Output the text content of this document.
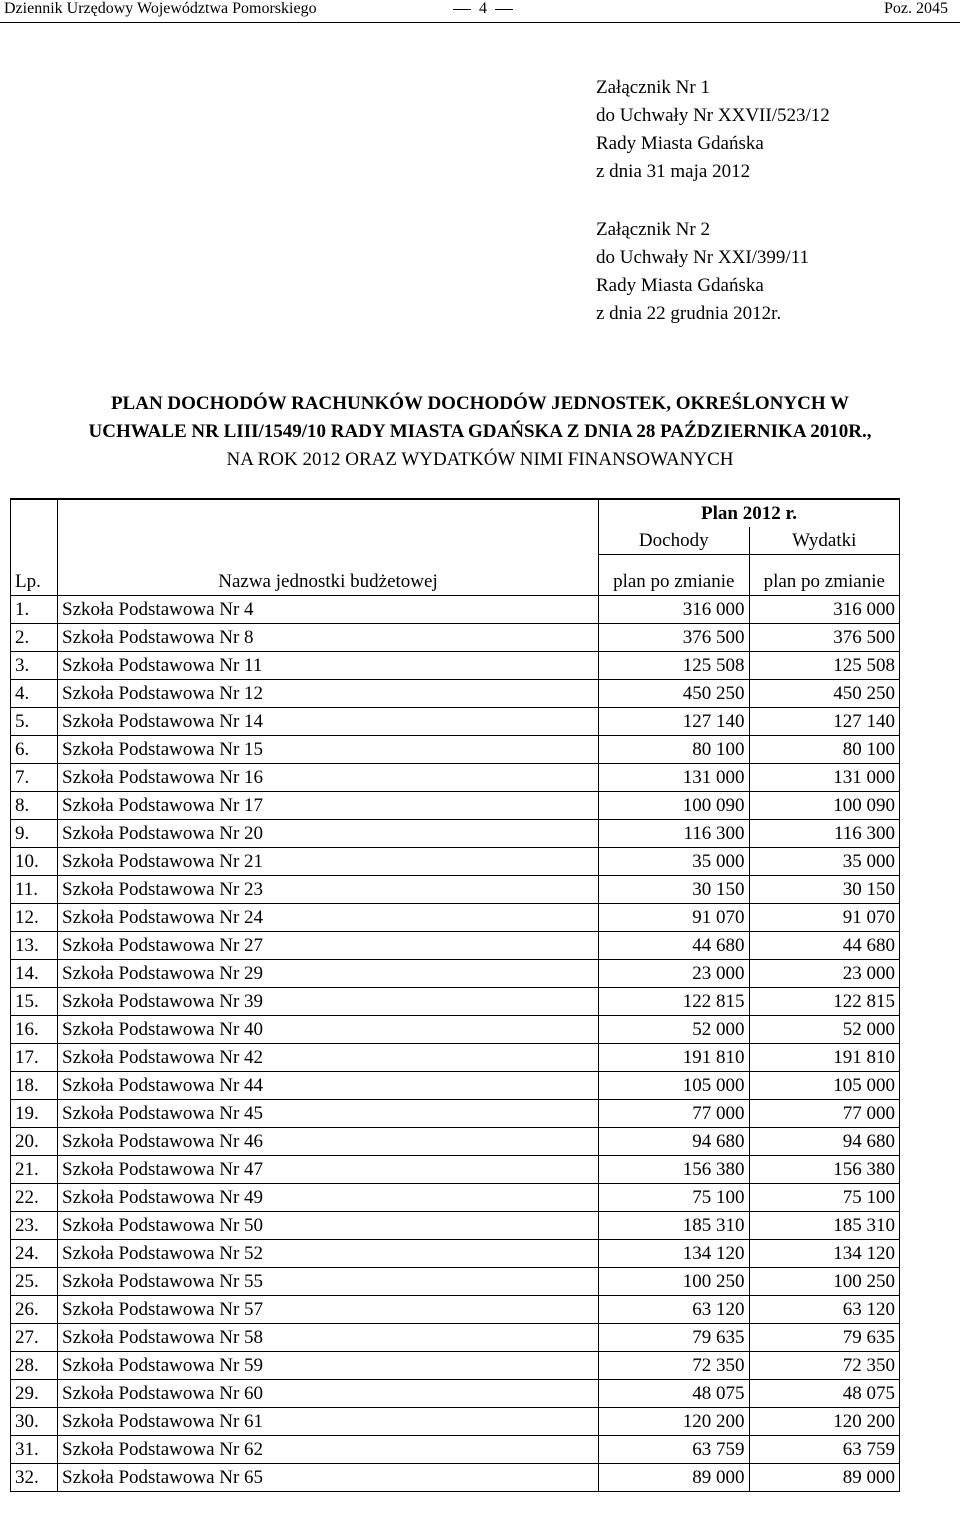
Dziennik Urzędowy Województwa Pomorskiego	4	Poz. 2045
Załącznik Nr 1
do Uchwały Nr XXVII/523/12
Rady Miasta Gdańska
z dnia 31 maja 2012
Załącznik Nr 2
do Uchwały Nr XXI/399/11
Rady Miasta Gdańska
z dnia 22 grudnia 2012r.
PLAN DOCHODÓW RACHUNKÓW DOCHODÓW JEDNOSTEK, OKREŚLONYCH W
UCHWALE NR LIII/1549/10 RADY MIASTA GDAŃSKA Z DNIA 28 PAŹDZIERNIKA 2010R.,
NA ROK 2012 ORAZ WYDATKÓW NIMI FINANSOWANYCH
		Plan 2012 r.	
		Dochody	Wydatki
Lp.	Nazwa jednostki budżetowej	plan po zmianie	plan po zmianie
1.	Szkoła Podstawowa Nr 4	316 000	316 000
2.	Szkoła Podstawowa Nr 8	376 500	376 500
3.	Szkoła Podstawowa Nr 11	125 508	125 508
4.	Szkoła Podstawowa Nr 12	450 250	450 250
5.	Szkoła Podstawowa Nr 14	127 140	127 140
6.	Szkoła Podstawowa Nr 15	80 100	80 100
7.	Szkoła Podstawowa Nr 16	131 000	131 000
8.	Szkoła Podstawowa Nr 17	100 090	100 090
9.	Szkoła Podstawowa Nr 20	116 300	116 300
10.	Szkoła Podstawowa Nr 21	35 000	35 000
11.	Szkoła Podstawowa Nr 23	30 150	30 150
12.	Szkoła Podstawowa Nr 24	91 070	91 070
13.	Szkoła Podstawowa Nr 27	44 680	44 680
14.	Szkoła Podstawowa Nr 29	23 000	23 000
15.	Szkoła Podstawowa Nr 39	122 815	122 815
16.	Szkoła Podstawowa Nr 40	52 000	52 000
17.	Szkoła Podstawowa Nr 42	191 810	191 810
18.	Szkoła Podstawowa Nr 44	105 000	105 000
19.	Szkoła Podstawowa Nr 45	77 000	77 000
20.	Szkoła Podstawowa Nr 46	94 680	94 680
21.	Szkoła Podstawowa Nr 47	156 380	156 380
22.	Szkoła Podstawowa Nr 49	75 100	75 100
23.	Szkoła Podstawowa Nr 50	185 310	185 310
24.	Szkoła Podstawowa Nr 52	134 120	134 120
25.	Szkoła Podstawowa Nr 55	100 250	100 250
26.	Szkoła Podstawowa Nr 57	63 120	63 120
27.	Szkoła Podstawowa Nr 58	79 635	79 635
28.	Szkoła Podstawowa Nr 59	72 350	72 350
29.	Szkoła Podstawowa Nr 60	48 075	48 075
30.	Szkoła Podstawowa Nr 61	120 200	120 200
31.	Szkoła Podstawowa Nr 62	63 759	63 759
32.	Szkoła Podstawowa Nr 65	89 000	89 000
